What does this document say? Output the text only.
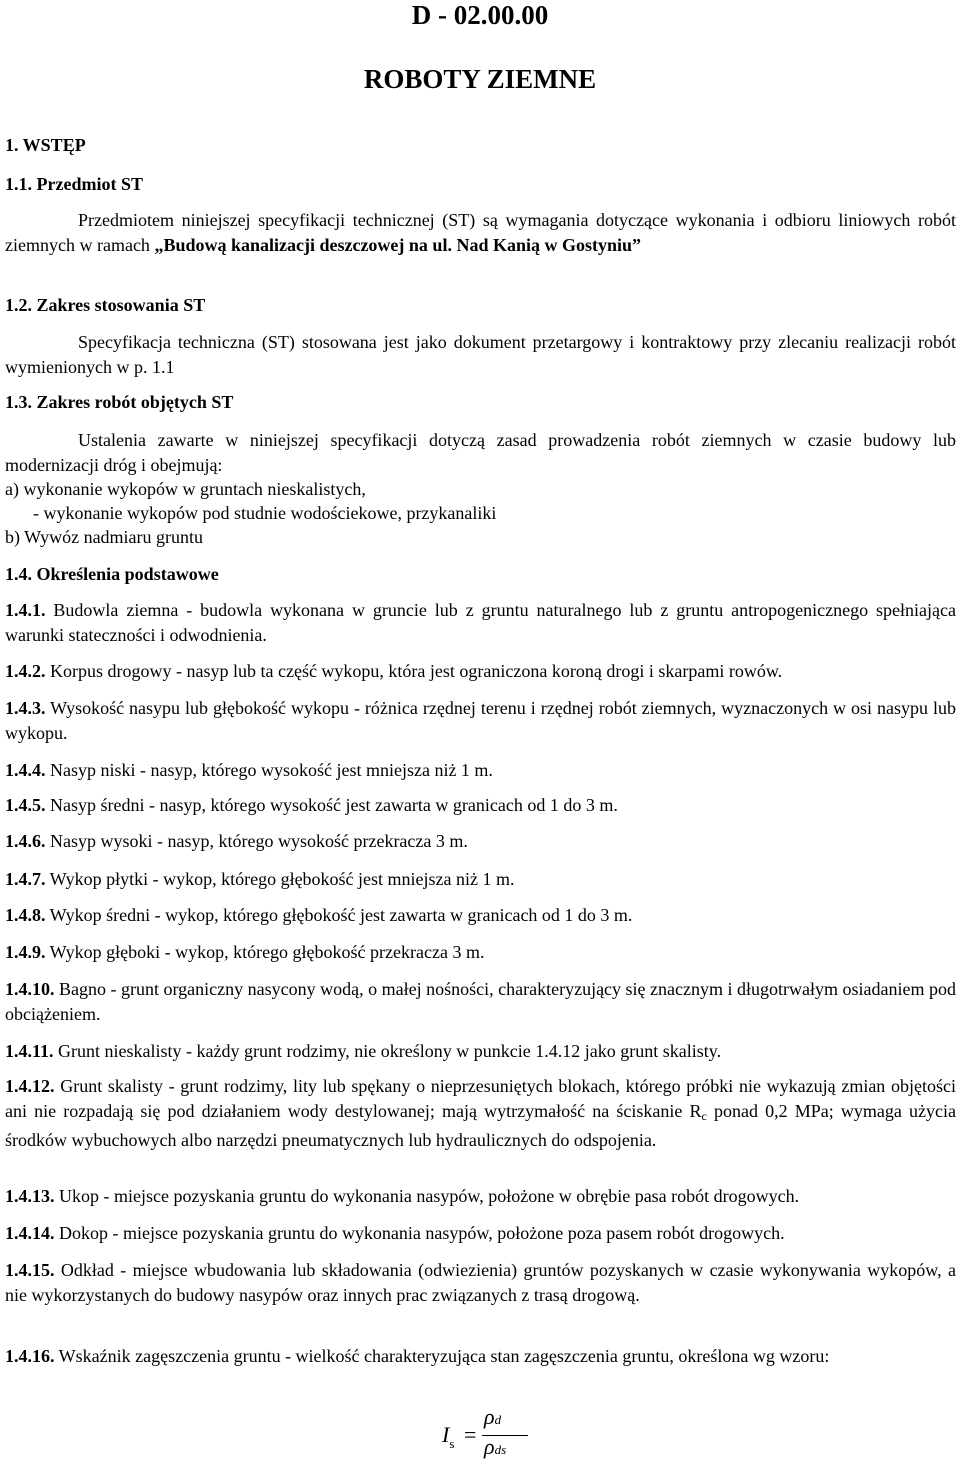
D - 02.00.00
ROBOTY ZIEMNE
1. WSTĘP
1.1. Przedmiot ST
Przedmiotem niniejszej specyfikacji technicznej (ST) są wymagania dotyczące wykonania i odbioru liniowych robót ziemnych w ramach „Budową kanalizacji deszczowej na ul. Nad Kanią w Gostyniu”
1.2. Zakres stosowania ST
Specyfikacja techniczna (ST) stosowana jest jako dokument przetargowy i kontraktowy przy zlecaniu realizacji robót wymienionych w p. 1.1
1.3. Zakres robót objętych ST
Ustalenia zawarte w niniejszej specyfikacji dotyczą zasad prowadzenia robót ziemnych w czasie budowy lub modernizacji dróg i obejmują:
a) wykonanie wykopów w gruntach nieskalistych,
- wykonanie wykopów pod studnie wodościekowe, przykanaliki
b) Wywóz nadmiaru gruntu
1.4. Określenia podstawowe
1.4.1. Budowla ziemna - budowla wykonana w gruncie lub z gruntu naturalnego lub z gruntu antropogenicznego spełniająca warunki stateczności i odwodnienia.
1.4.2. Korpus drogowy - nasyp lub ta część wykopu, która jest ograniczona koroną drogi i skarpami rowów.
1.4.3. Wysokość nasypu lub głębokość wykopu - różnica rzędnej terenu i rzędnej robót ziemnych, wyznaczonych w osi nasypu lub wykopu.
1.4.4. Nasyp niski - nasyp, którego wysokość jest mniejsza niż 1 m.
1.4.5. Nasyp średni - nasyp, którego wysokość jest zawarta w granicach od 1 do 3 m.
1.4.6. Nasyp wysoki - nasyp, którego wysokość przekracza 3 m.
1.4.7. Wykop płytki - wykop, którego głębokość jest mniejsza niż 1 m.
1.4.8. Wykop średni - wykop, którego głębokość jest zawarta w granicach od 1 do 3 m.
1.4.9. Wykop głęboki - wykop, którego głębokość przekracza 3 m.
1.4.10. Bagno - grunt organiczny nasycony wodą, o małej nośności, charakteryzujący się znacznym i długotrwałym osiadaniem pod obciążeniem.
1.4.11. Grunt nieskalisty - każdy grunt rodzimy, nie określony w punkcie 1.4.12 jako grunt skalisty.
1.4.12. Grunt skalisty - grunt rodzimy, lity lub spękany o nieprzesuniętych blokach, którego próbki nie wykazują zmian objętości ani nie rozpadają się pod działaniem wody destylowanej; mają wytrzymałość na ściskanie $R_c$ ponad 0,2 MPa; wymaga użycia środków wybuchowych albo narzędzi pneumatycznych lub hydraulicznych do odspojenia.
1.4.13. Ukop - miejsce pozyskania gruntu do wykonania nasypów, położone w obrębie pasa robót drogowych.
1.4.14. Dokop - miejsce pozyskania gruntu do wykonania nasypów, położone poza pasem robót drogowych.
1.4.15. Odkład - miejsce wbudowania lub składowania (odwiezienia) gruntów pozyskanych w czasie wykonywania wykopów, a nie wykorzystanych do budowy nasypów oraz innych prac związanych z trasą drogową.
1.4.16. Wskaźnik zagęszczenia gruntu - wielkość charakteryzująca stan zagęszczenia gruntu, określona wg wzoru:
$I_s$ =
ρd
ρds
